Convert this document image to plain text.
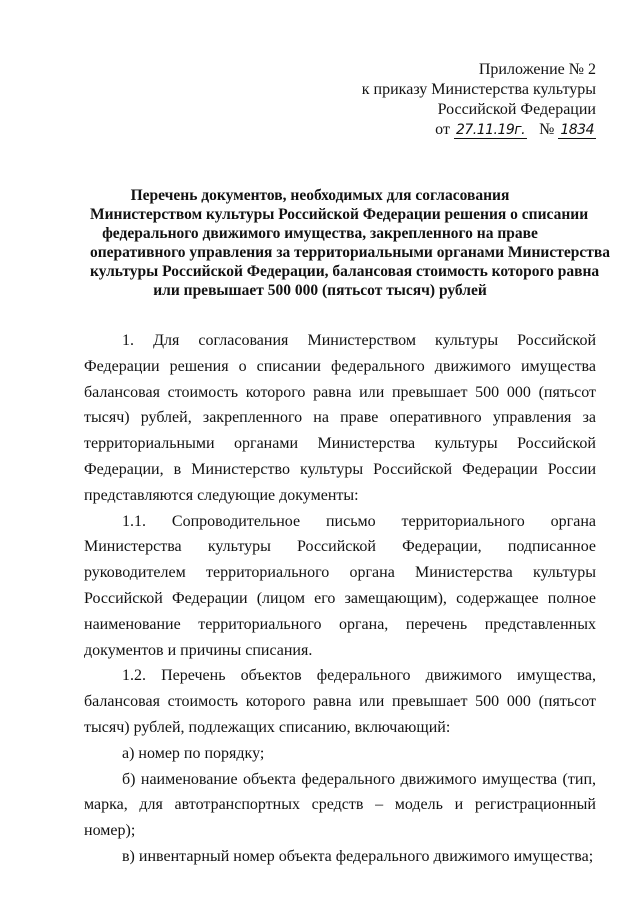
Приложение № 2
к приказу Министерства культуры
Российской Федерации
от 27.11.19г. № 1834
Перечень документов, необходимых для согласования
Министерством культуры Российской Федерации решения о списании
федерального движимого имущества, закрепленного на праве
оперативного управления за территориальными органами Министерства
культуры Российской Федерации, балансовая стоимость которого равна
или превышает 500 000 (пятьсот тысяч) рублей

1. Для согласования Министерством культуры Российской Федерации решения о списании федерального движимого имущества балансовая стоимость которого равна или превышает 500 000 (пятьсот тысяч) рублей, закрепленного на праве оперативного управления за территориальными органами Министерства культуры Российской Федерации, в Министерство культуры Российской Федерации России представляются следующие документы:

1.1. Сопроводительное письмо территориального органа Министерства культуры Российской Федерации, подписанное руководителем территориального органа Министерства культуры Российской Федерации (лицом его замещающим), содержащее полное наименование территориального органа, перечень представленных документов и причины списания.

1.2. Перечень объектов федерального движимого имущества, балансовая стоимость которого равна или превышает 500 000 (пятьсот тысяч) рублей, подлежащих списанию, включающий:

а) номер по порядку;

б) наименование объекта федерального движимого имущества (тип, марка, для автотранспортных средств – модель и регистрационный номер);

в) инвентарный номер объекта федерального движимого имущества;
